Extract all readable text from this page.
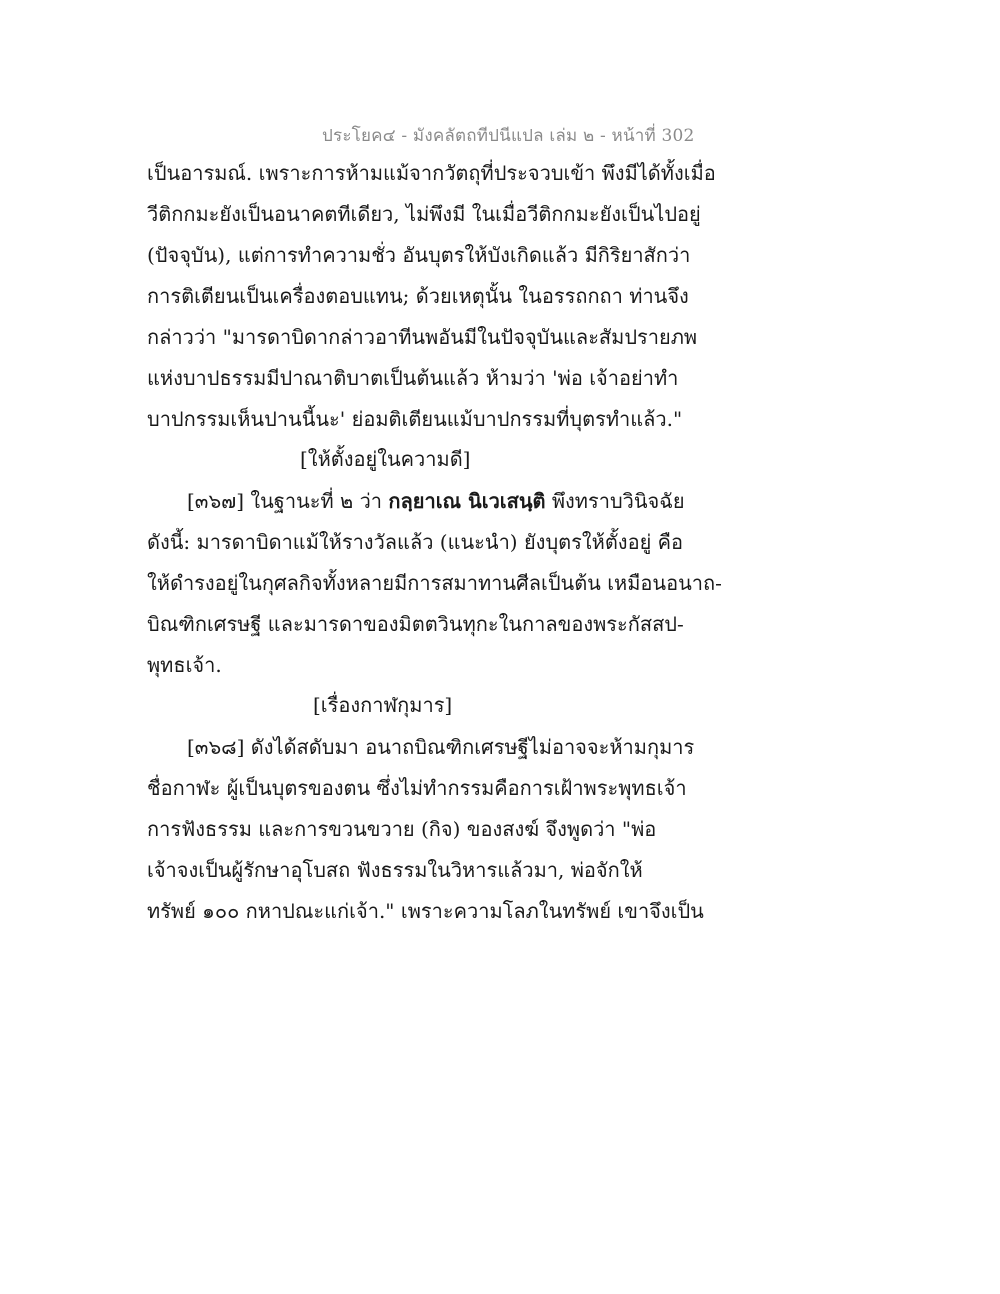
ประโยค๔ - มังคลัตถทีปนีแปล เล่ม ๒ - หน้าที่ 302
เป็นอารมณ์. เพราะการห้ามแม้จากวัตถุที่ประจวบเข้า พึงมีได้ทั้งเมื่อ
วีติกกมะยังเป็นอนาคตทีเดียว, ไม่พึงมี ในเมื่อวีติกกมะยังเป็นไปอยู่
(ปัจจุบัน), แต่การทำความชั่ว อันบุตรให้บังเกิดแล้ว มีกิริยาสักว่า
การติเตียนเป็นเครื่องตอบแทน; ด้วยเหตุนั้น ในอรรถกถา ท่านจึง
กล่าวว่า "มารดาบิดากล่าวอาทีนพอันมีในปัจจุบันและสัมปรายภพ
แห่งบาปธรรมมีปาณาติบาตเป็นต้นแล้ว ห้ามว่า 'พ่อ เจ้าอย่าทำ
บาปกรรมเห็นปานนี้นะ' ย่อมติเตียนแม้บาปกรรมที่บุตรทำแล้ว."
[ให้ตั้งอยู่ในความดี]
[๓๖๗] ในฐานะที่ ๒ ว่า กลฺยาเณ นิเวเสนฺติ พึงทราบวินิจฉัย
ดังนี้: มารดาบิดาแม้ให้รางวัลแล้ว (แนะนำ) ยังบุตรให้ตั้งอยู่ คือ
ให้ดำรงอยู่ในกุศลกิจทั้งหลายมีการสมาทานศีลเป็นต้น เหมือนอนาถ-
บิณฑิกเศรษฐี และมารดาของมิตตวินทุกะในกาลของพระกัสสป-
พุทธเจ้า.
[เรื่องกาฬกุมาร]
[๓๖๘] ดังได้สดับมา อนาถบิณฑิกเศรษฐีไม่อาจจะห้ามกุมาร
ชื่อกาฬะ ผู้เป็นบุตรของตน ซึ่งไม่ทำกรรมคือการเฝ้าพระพุทธเจ้า
การฟังธรรม และการขวนขวาย (กิจ) ของสงฆ์ จึงพูดว่า "พ่อ
เจ้าจงเป็นผู้รักษาอุโบสถ ฟังธรรมในวิหารแล้วมา, พ่อจักให้
ทรัพย์ ๑๐๐ กหาปณะแก่เจ้า." เพราะความโลภในทรัพย์ เขาจึงเป็น
